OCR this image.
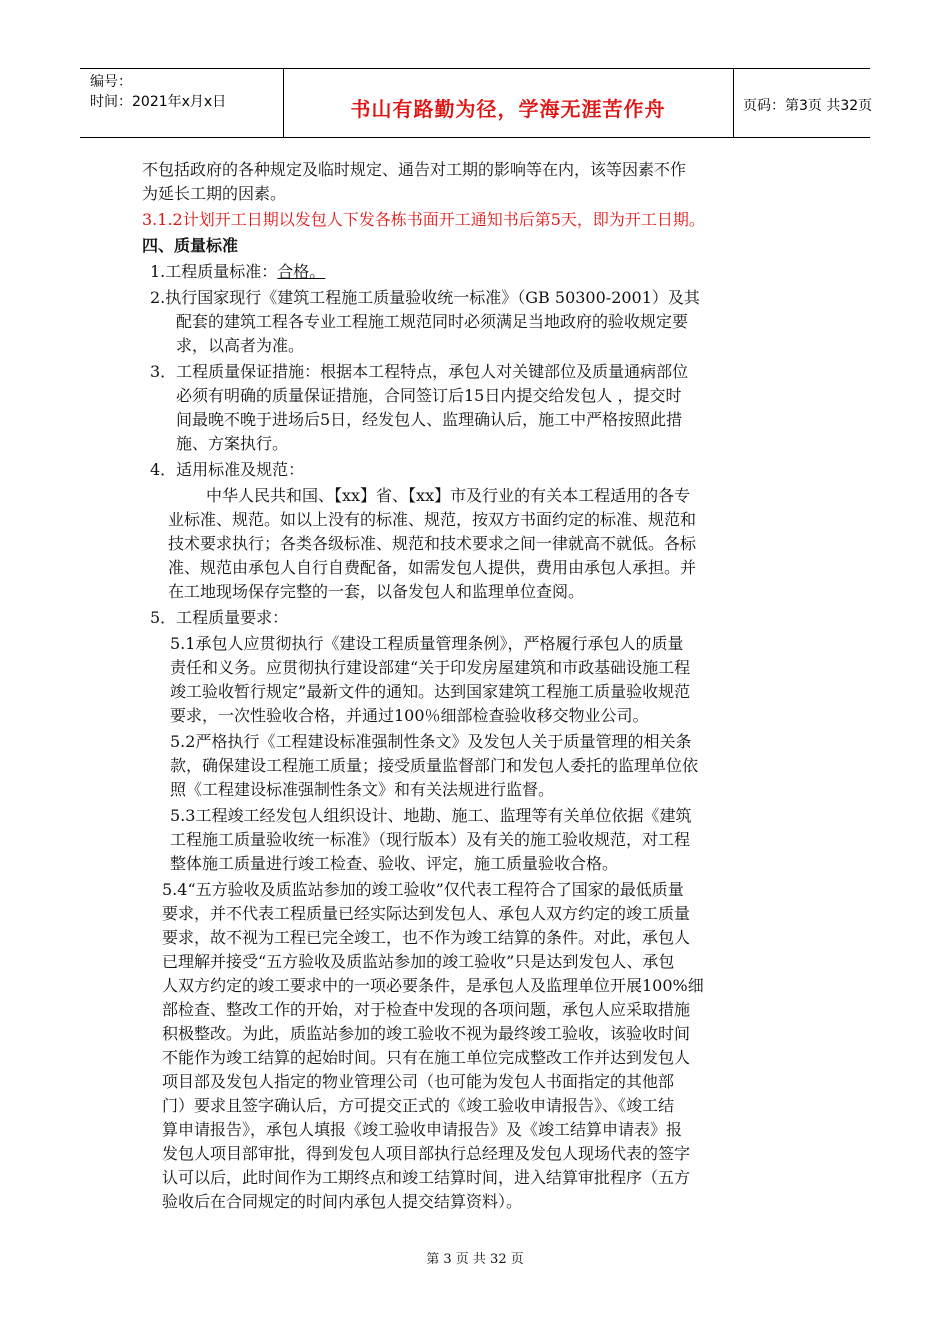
编号：
时间：2021年x月x日	书山有路勤为径，学海无涯苦作舟	页码：第3页 共32页
不包括政府的各种规定及临时规定、通告对工期的影响等在内，该等因素不作
为延长工期的因素。
3.1.2计划开工日期以发包人下发各栋书面开工通知书后第5天，即为开工日期。
四、质量标准
1.工程质量标准：合格。
2.执行国家现行《建筑工程施工质量验收统一标准》（GB 50300-2001）及其
配套的建筑工程各专业工程施工规范同时必须满足当地政府的验收规定要
求，以高者为准。
3．工程质量保证措施：根据本工程特点，承包人对关键部位及质量通病部位
必须有明确的质量保证措施，合同签订后15日内提交给发包人 ，提交时
间最晚不晚于进场后5日，经发包人、监理确认后，施工中严格按照此措
施、方案执行。
4．适用标准及规范：
中华人民共和国、【xx】省、【xx】市及行业的有关本工程适用的各专
业标准、规范。如以上没有的标准、规范，按双方书面约定的标准、规范和
技术要求执行；各类各级标准、规范和技术要求之间一律就高不就低。各标
准、规范由承包人自行自费配备，如需发包人提供，费用由承包人承担。并
在工地现场保存完整的一套，以备发包人和监理单位查阅。
5．工程质量要求：
5.1承包人应贯彻执行《建设工程质量管理条例》，严格履行承包人的质量
责任和义务。应贯彻执行建设部建“关于印发房屋建筑和市政基础设施工程
竣工验收暂行规定”最新文件的通知。达到国家建筑工程施工质量验收规范
要求，一次性验收合格，并通过100％细部检查验收移交物业公司。
5.2严格执行《工程建设标准强制性条文》及发包人关于质量管理的相关条
款，确保建设工程施工质量；接受质量监督部门和发包人委托的监理单位依
照《工程建设标准强制性条文》和有关法规进行监督。
5.3工程竣工经发包人组织设计、地勘、施工、监理等有关单位依据《建筑
工程施工质量验收统一标准》（现行版本）及有关的施工验收规范，对工程
整体施工质量进行竣工检查、验收、评定，施工质量验收合格。
5.4“五方验收及质监站参加的竣工验收”仅代表工程符合了国家的最低质量
要求，并不代表工程质量已经实际达到发包人、承包人双方约定的竣工质量
要求，故不视为工程已完全竣工，也不作为竣工结算的条件。对此，承包人
已理解并接受“五方验收及质监站参加的竣工验收”只是达到发包人、承包
人双方约定的竣工要求中的一项必要条件，是承包人及监理单位开展100%细
部检查、整改工作的开始，对于检查中发现的各项问题，承包人应采取措施
积极整改。为此，质监站参加的竣工验收不视为最终竣工验收，该验收时间
不能作为竣工结算的起始时间。只有在施工单位完成整改工作并达到发包人
项目部及发包人指定的物业管理公司（也可能为发包人书面指定的其他部
门）要求且签字确认后，方可提交正式的《竣工验收申请报告》、《竣工结
算申请报告》，承包人填报《竣工验收申请报告》及《竣工结算申请表》报
发包人项目部审批，得到发包人项目部执行总经理及发包人现场代表的签字
认可以后，此时间作为工期终点和竣工结算时间，进入结算审批程序（五方
验收后在合同规定的时间内承包人提交结算资料）。
第 3 页 共 32 页
